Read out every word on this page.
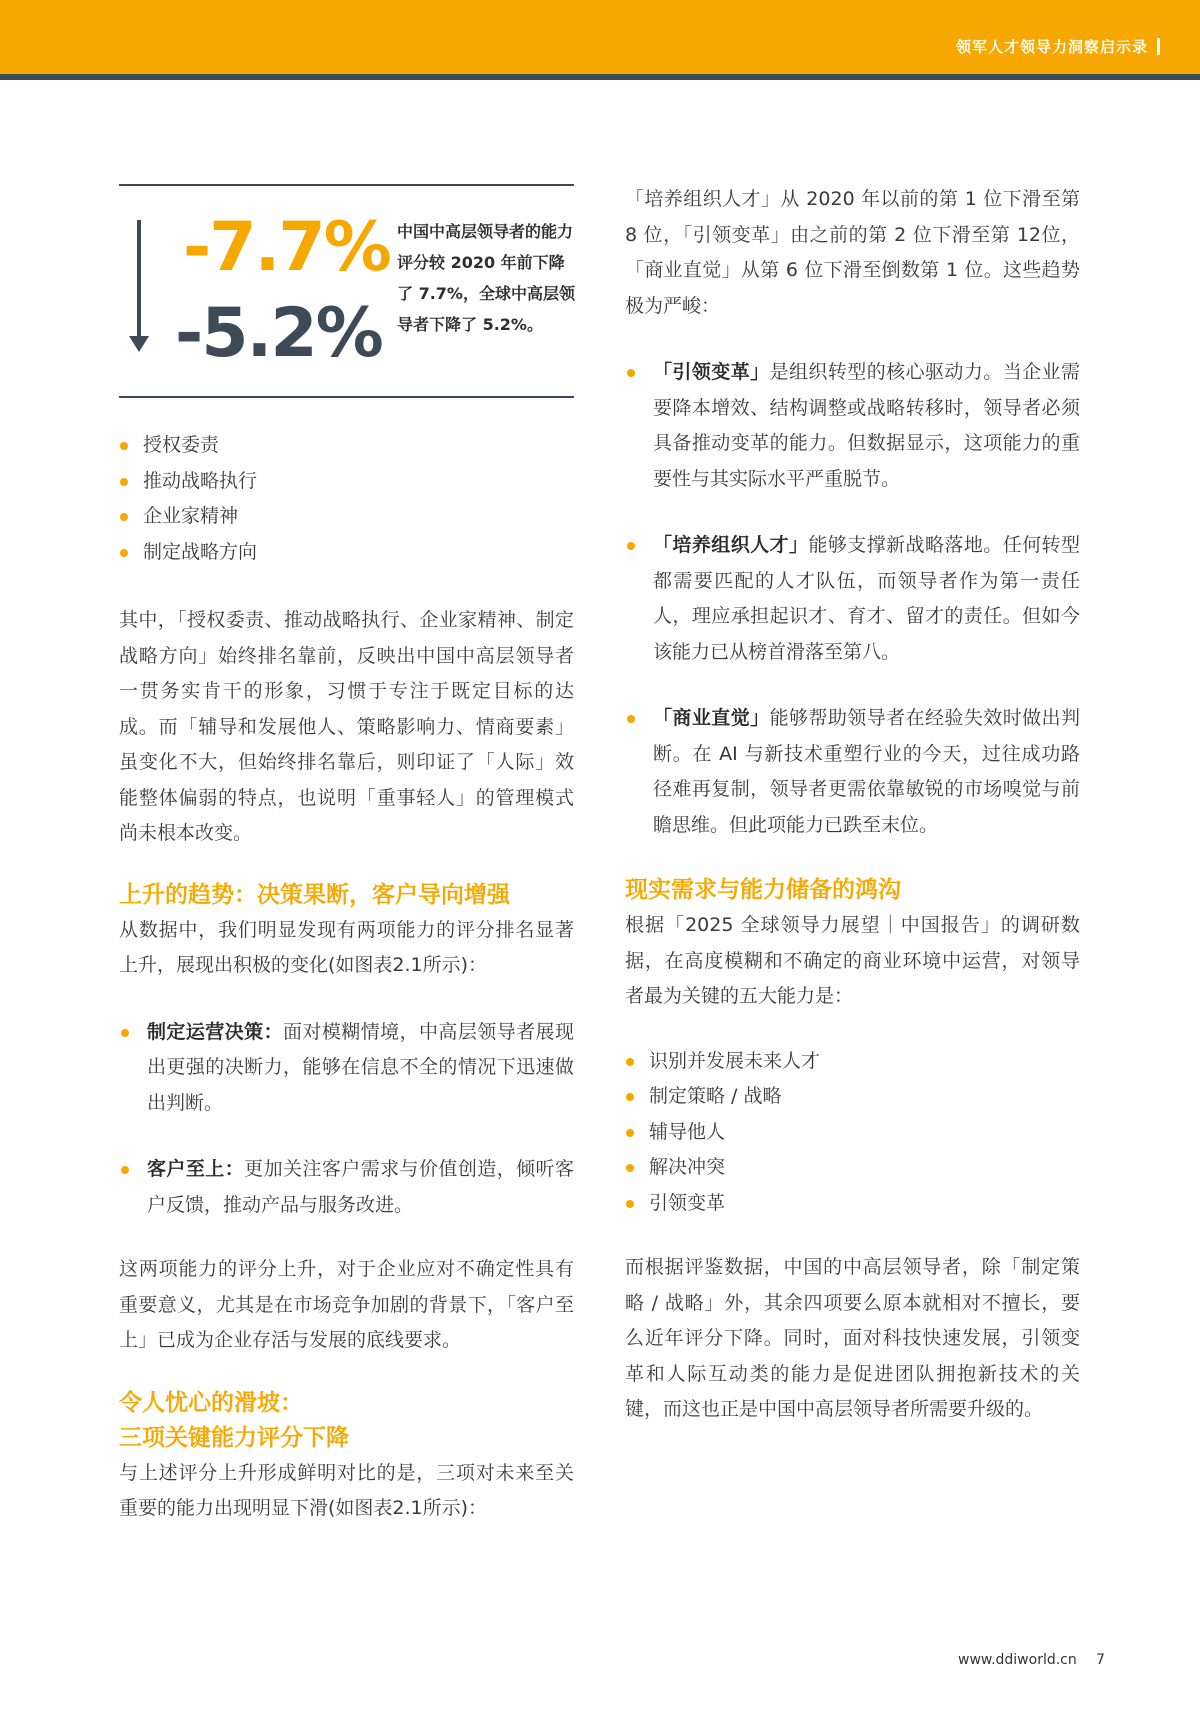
领军人才领导力洞察启示录
-7.7%
-5.2%
中国中高层领导者的能力评分较 2020 年前下降了 7.7%，全球中高层领导者下降了 5.2%。
授权委责
推动战略执行
企业家精神
制定战略方向

其中，「授权委责、推动战略执行、企业家精神、制定战略方向」始终排名靠前，反映出中国中高层领导者一贯务实肯干的形象，习惯于专注于既定目标的达成。而「辅导和发展他人、策略影响力、情商要素」虽变化不大，但始终排名靠后，则印证了「人际」效能整体偏弱的特点，也说明「重事轻人」的管理模式尚未根本改变。

上升的趋势：决策果断，客户导向增强

从数据中，我们明显发现有两项能力的评分排名显著上升，展现出积极的变化(如图表2.1所示)：

制定运营决策：面对模糊情境，中高层领导者展现出更强的决断力，能够在信息不全的情况下迅速做出判断。
客户至上：更加关注客户需求与价值创造，倾听客户反馈，推动产品与服务改进。

这两项能力的评分上升，对于企业应对不确定性具有重要意义，尤其是在市场竞争加剧的背景下，「客户至上」已成为企业存活与发展的底线要求。

令人忧心的滑坡：
三项关键能力评分下降

与上述评分上升形成鲜明对比的是，三项对未来至关重要的能力出现明显下滑(如图表2.1所示)：

「培养组织人才」从 2020 年以前的第 1 位下滑至第 8 位，「引领变革」由之前的第 2 位下滑至第 12位，「商业直觉」从第 6 位下滑至倒数第 1 位。这些趋势极为严峻：

「引领变革」是组织转型的核心驱动力。当企业需要降本增效、结构调整或战略转移时，领导者必须具备推动变革的能力。但数据显示，这项能力的重要性与其实际水平严重脱节。
「培养组织人才」能够支撑新战略落地。任何转型都需要匹配的人才队伍，而领导者作为第一责任人，理应承担起识才、育才、留才的责任。但如今该能力已从榜首滑落至第八。
「商业直觉」能够帮助领导者在经验失效时做出判断。在 AI 与新技术重塑行业的今天，过往成功路径难再复制，领导者更需依靠敏锐的市场嗅觉与前瞻思维。但此项能力已跌至末位。
现实需求与能力储备的鸿沟

根据「2025 全球领导力展望｜中国报告」的调研数据，在高度模糊和不确定的商业环境中运营，对领导者最为关键的五大能力是：

识别并发展未来人才
制定策略 / 战略
辅导他人
解决冲突
引领变革

而根据评鉴数据，中国的中高层领导者，除「制定策略 / 战略」外，其余四项要么原本就相对不擅长，要么近年评分下降。同时，面对科技快速发展，引领变革和人际互动类的能力是促进团队拥抱新技术的关键，而这也正是中国中高层领导者所需要升级的。

www.ddiworld.cn 7
